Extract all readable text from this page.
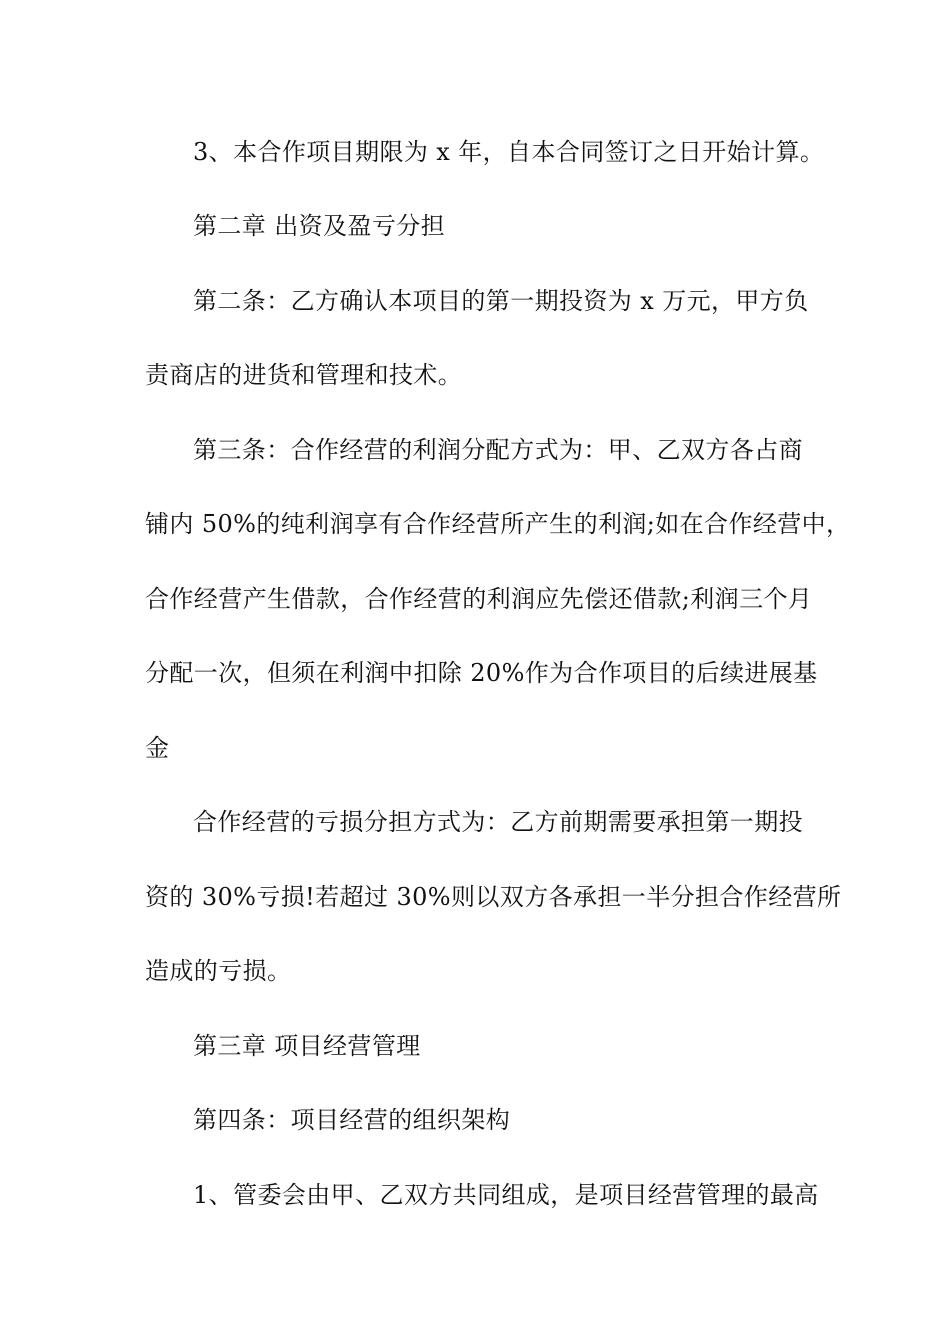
3、本合作项目期限为 x 年，自本合同签订之日开始计算。
第二章 出资及盈亏分担
第二条：乙方确认本项目的第一期投资为 x 万元，甲方负
责商店的进货和管理和技术。
第三条：合作经营的利润分配方式为：甲、乙双方各占商
铺内 50%的纯利润享有合作经营所产生的利润;如在合作经营中，
合作经营产生借款，合作经营的利润应先偿还借款;利润三个月
分配一次，但须在利润中扣除 20%作为合作项目的后续进展基
金
合作经营的亏损分担方式为：乙方前期需要承担第一期投
资的 30%亏损!若超过 30%则以双方各承担一半分担合作经营所
造成的亏损。
第三章 项目经营管理
第四条：项目经营的组织架构
1、管委会由甲、乙双方共同组成，是项目经营管理的最高
